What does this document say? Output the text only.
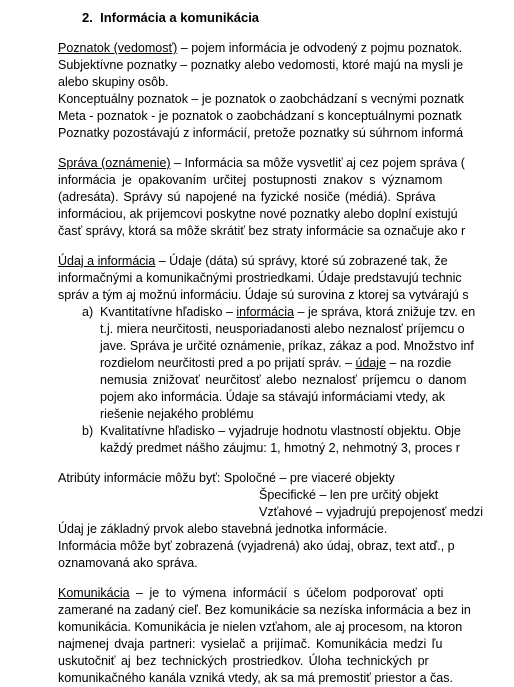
2. Informácia a komunikácia
Poznatok (vedomosť) – pojem informácia je odvodený z pojmu poznatok.
Subjektívne poznatky – poznatky alebo vedomosti, ktoré majú na mysli je
alebo skupiny osôb.
Konceptuálny poznatok – je poznatok o zaobchádzaní s vecnými poznatk
Meta - poznatok - je poznatok o zaobchádzaní s konceptuálnymi poznatk
Poznatky pozostávajú z informácií, pretože poznatky sú súhrnom informá
Správa (oznámenie) – Informácia sa môže vysvetliť aj cez pojem správa (
informácia je opakovaním určitej postupnosti znakov s významom
(adresáta). Správy sú napojené na fyzické nosiče (médiá). Správa
informáciou, ak prijemcovi poskytne nové poznatky alebo doplní existujú
časť správy, ktorá sa môže skrátiť bez straty informácie sa označuje ako r
Údaj a informácia – Údaje (dáta) sú správy, ktoré sú zobrazené tak, že
informačnými a komunikačnými prostriedkami. Údaje predstavujú technic
správ a tým aj možnú informáciu. Údaje sú surovina z ktorej sa vytvárajú s
a) Kvantitatívne hľadisko – informácia – je správa, ktorá znižuje tzv. en
t.j. miera neurčitosti, neusporiadanosti alebo neznalosť príjemcu o
jave. Správa je určité oznámenie, príkaz, zákaz a pod. Množstvo inf
rozdielom neurčitosti pred a po prijatí správ. – údaje – na rozdie
nemusia znižovať neurčitosť alebo neznalosť príjemcu o danom
pojem ako informácia. Údaje sa stávajú informáciami vtedy, ak
riešenie nejakého problému
b) Kvalitatívne hľadisko – vyjadruje hodnotu vlastností objektu. Obje
každý predmet nášho záujmu: 1, hmotný 2, nehmotný 3, proces r
Atribúty informácie môžu byť: Spoločné – pre viaceré objekty
Špecifické – len pre určitý objekt
Vzťahové – vyjadrujú prepojenosť medzi
Údaj je základný prvok alebo stavebná jednotka informácie.
Informácia môže byť zobrazená (vyjadrená) ako údaj, obraz, text atď., p
oznamovaná ako správa.
Komunikácia – je to výmena informácií s účelom podporovať opti
zamerané na zadaný cieľ. Bez komunikácie sa nezíska informácia a bez in
komunikácia. Komunikácia je nielen vzťahom, ale aj procesom, na ktoron
najmenej dvaja partneri: vysielač a prijímač. Komunikácia medzi ľu
uskutočniť aj bez technických prostriedkov. Úloha technických pr
komunikačného kanála vzniká vtedy, ak sa má premostiť priestor a čas.
